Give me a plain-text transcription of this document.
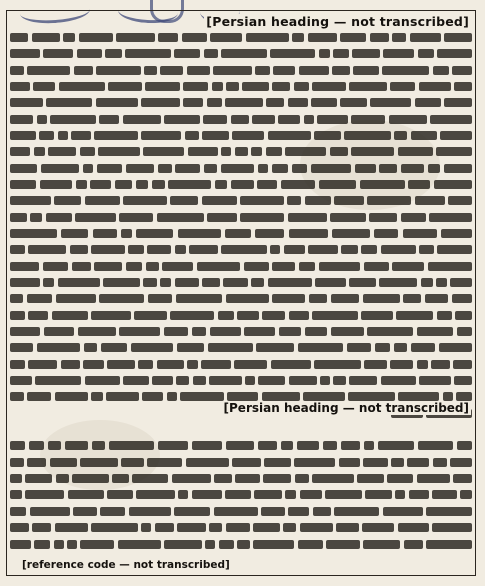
[Persian heading — not transcribed]
[Persian heading — not transcribed]
[reference code — not transcribed]
